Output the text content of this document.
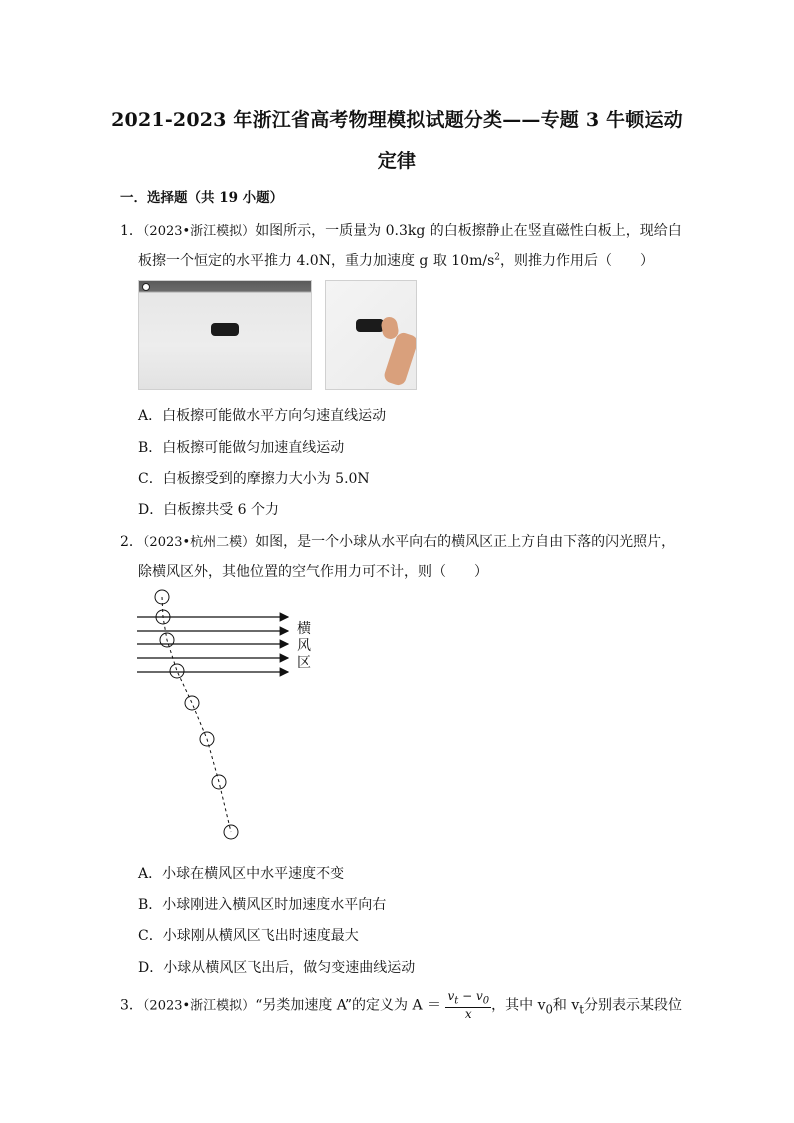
2021-2023 年浙江省高考物理模拟试题分类——专题 3 牛顿运动
定律
一．选择题（共 19 小题）
1．（2023•浙江模拟）如图所示，一质量为 0.3kg 的白板擦静止在竖直磁性白板上，现给白
板擦一个恒定的水平推力 4.0N，重力加速度 g 取 $10m/s^2$，则推力作用后（　　）
A．白板擦可能做水平方向匀速直线运动
B．白板擦可能做匀加速直线运动
C．白板擦受到的摩擦力大小为 5.0N
D．白板擦共受 6 个力
2．（2023•杭州二模）如图，是一个小球从水平向右的横风区正上方自由下落的闪光照片，
除横风区外，其他位置的空气作用力可不计，则（　　）
横
风
区
A．小球在横风区中水平速度不变
B．小球刚进入横风区时加速度水平向右
C．小球刚从横风区飞出时速度最大
D．小球从横风区飞出后，做匀变速曲线运动
3．（2023•浙江模拟）“另类加速度 A”的定义为 $A = \frac{v_t - v_0}{x}$ ，其中 $v_0$和 $v_t$分别表示某段位
